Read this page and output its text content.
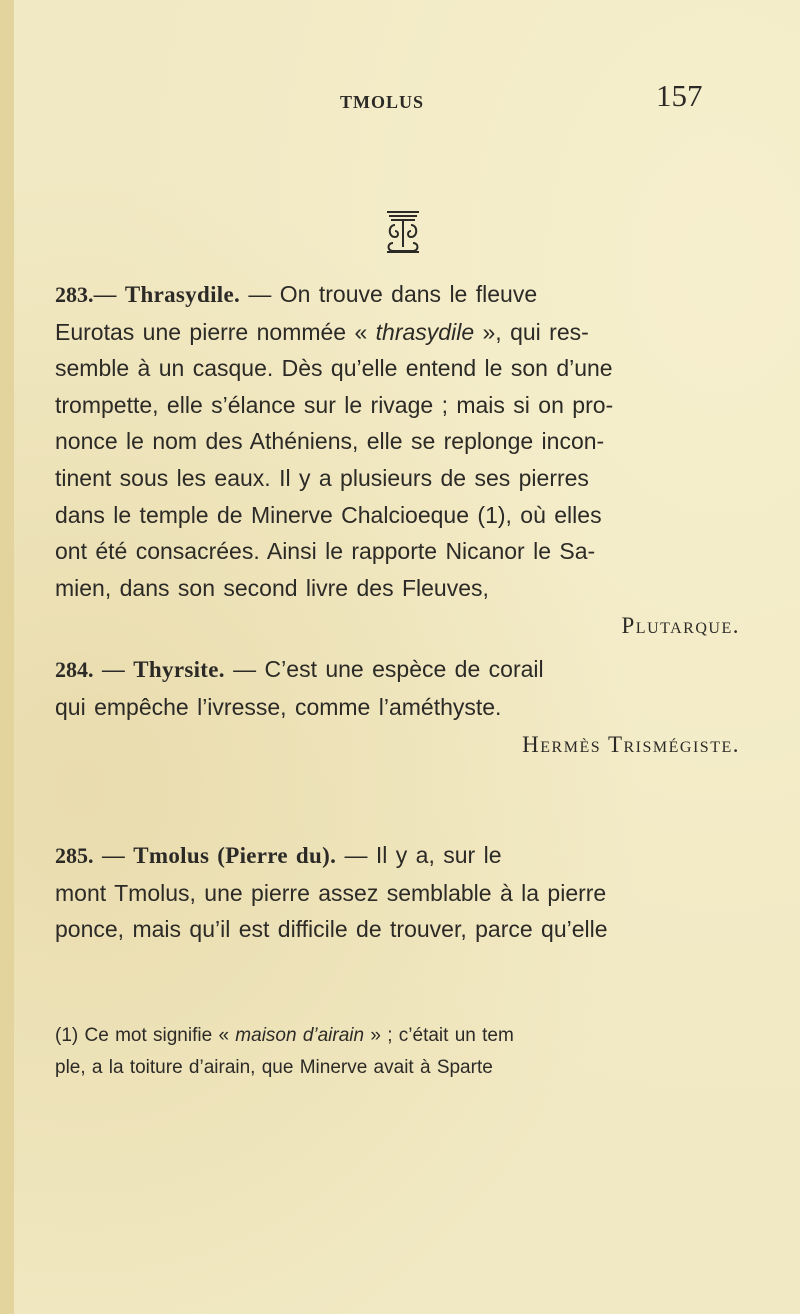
TMOLUS	157
283.— Thrasydile. — On trouve dans le fleuve
Eurotas une pierre nommée « thrasydile », qui res-
semble à un casque. Dès qu’elle entend le son d’une
trompette, elle s’élance sur le rivage ; mais si on pro-
nonce le nom des Athéniens, elle se replonge incon-
tinent sous les eaux. Il y a plusieurs de ses pierres
dans le temple de Minerve Chalcioeque (1), où elles
ont été consacrées. Ainsi le rapporte Nicanor le Sa-
mien, dans son second livre des Fleuves,
Plutarque.
284. — Thyrsite. — C’est une espèce de corail
qui empêche l’ivresse, comme l’améthyste.
Hermès Trismégiste.
285. — Tmolus (Pierre du). — Il y a, sur le
mont Tmolus, une pierre assez semblable à la pierre
ponce, mais qu’il est difficile de trouver, parce qu’elle
(1) Ce mot signifie « maison d’airain » ; c’était un tem
ple, a la toiture d’airain, que Minerve avait à Sparte
